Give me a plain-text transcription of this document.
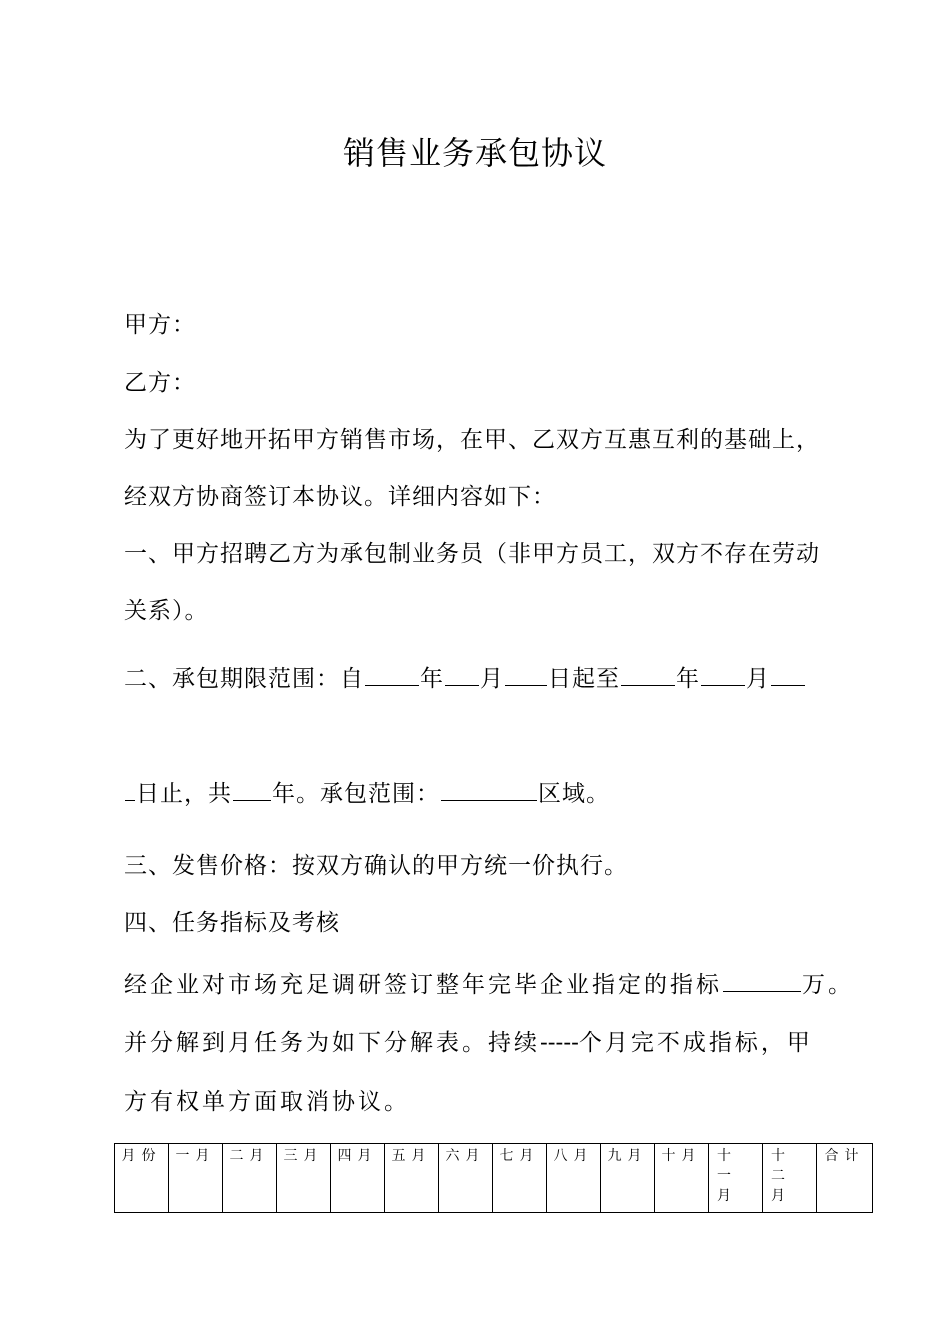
销售业务承包协议
甲方：
乙方：
为了更好地开拓甲方销售市场，在甲、乙双方互惠互利的基础上，
经双方协商签订本协议。详细内容如下：
一、甲方招聘乙方为承包制业务员（非甲方员工，双方不存在劳动
关系）。
二、承包期限范围：自 年 月 日起至 年 月
日止，共 年。承包范围：	区域。
三、发售价格：按双方确认的甲方统一价执行。
四、任务指标及考核
经企业对市场充足调研签订整年完毕企业指定的指标	万。
并分解到月任务为如下分解表。持续-----个月完不成指标，甲
方有权单方面取消协议。
月份	一月	二月	三月	四月	五月	六月	七月	八月	九月	十月	十一月	十二月	合计
